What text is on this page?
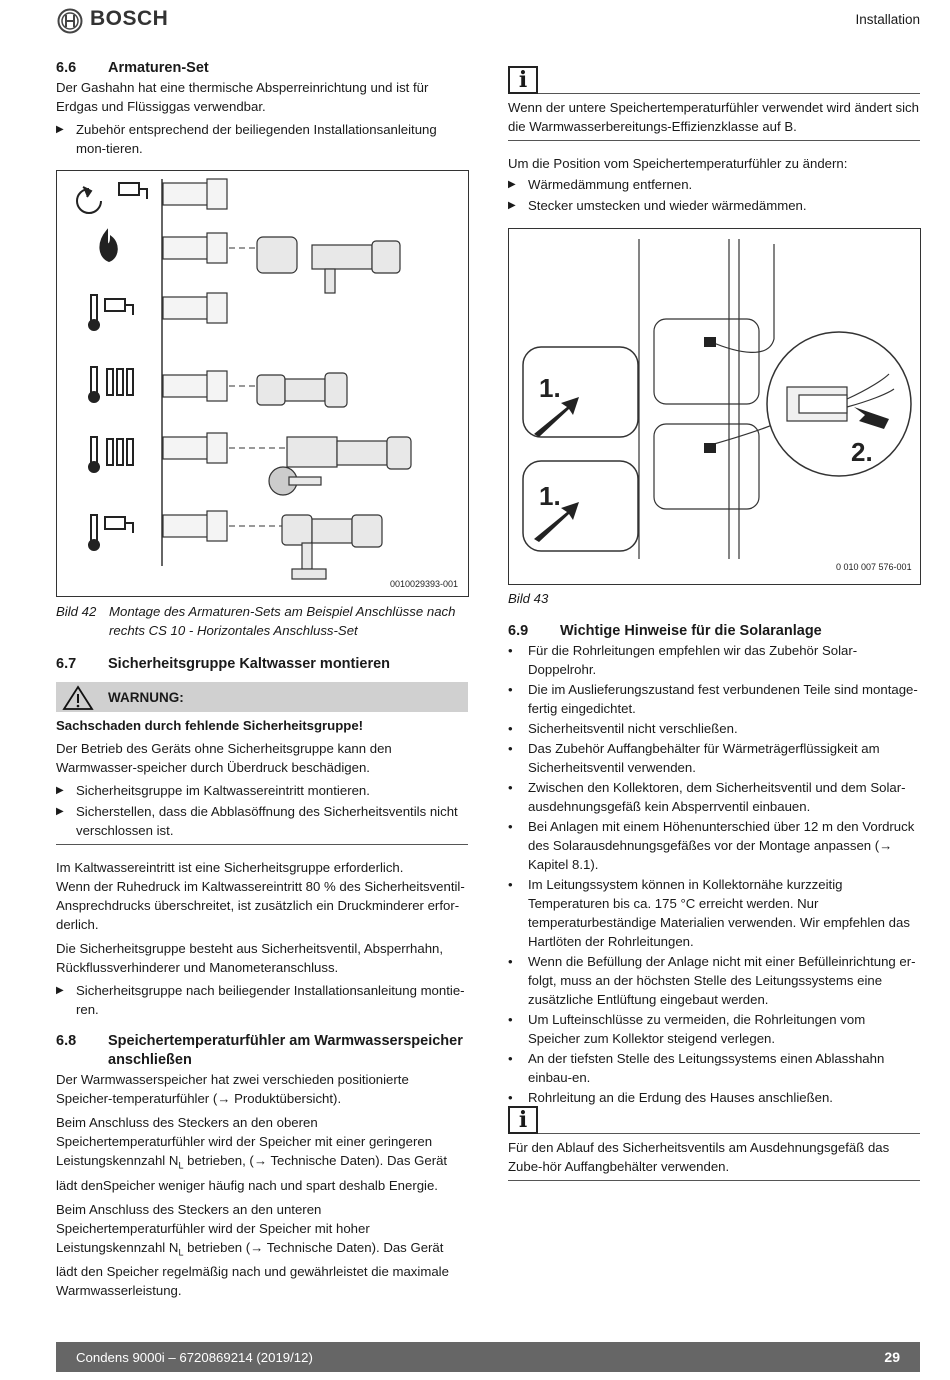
BOSCH	Installation
6.6	Armaturen-Set

Der Gashahn hat eine thermische Absperreinrichtung und ist für Erdgas und Flüssiggas verwendbar.

▶ Zubehör entsprechend der beiliegenden Installationsanleitung mon-tieren.
0010029393-001
Bild 42 Montage des Armaturen-Sets am Beispiel Anschlüsse nach rechts CS 10 - Horizontales Anschluss-Set
6.7	Sicherheitsgruppe Kaltwasser montieren
WARNUNG:

Sachschaden durch fehlende Sicherheitsgruppe!

Der Betrieb des Geräts ohne Sicherheitsgruppe kann den Warmwasser-speicher durch Überdruck beschädigen.

▶ Sicherheitsgruppe im Kaltwassereintritt montieren.
▶ Sicherstellen, dass die Abblasöffnung des Sicherheitsventils nicht verschlossen ist.

Im Kaltwassereintritt ist eine Sicherheitsgruppe erforderlich.

Wenn der Ruhedruck im Kaltwassereintritt 80 % des Sicherheitsventil-Ansprechdrucks überschreitet, ist zusätzlich ein Druckminderer erfor-derlich.

Die Sicherheitsgruppe besteht aus Sicherheitsventil, Absperrhahn, Rückflussverhinderer und Manometeranschluss.

▶ Sicherheitsgruppe nach beiliegender Installationsanleitung montie-ren.
6.8	Speichertemperaturfühler am Warmwasserspeicher anschließen

Der Warmwasserspeicher hat zwei verschieden positionierte Speicher-temperaturfühler (→ Produktübersicht).

Beim Anschluss des Steckers an den oberen Speichertemperaturfühler wird der Speicher mit einer geringeren Leistungskennzahl $N_L$ betrieben, (→ Technische Daten). Das Gerät lädt denSpeicher weniger häufig nach und spart deshalb Energie.

Beim Anschluss des Steckers an den unteren Speichertemperaturfühler wird der Speicher mit hoher Leistungskennzahl $N_L$ betrieben (→ Technische Daten). Das Gerät lädt den Speicher regelmäßig nach und gewährleistet die maximale Warmwasserleistung.

i

Wenn der untere Speichertemperaturfühler verwendet wird ändert sich die Warmwasserbereitungs-Effizienzklasse auf B.

Um die Position vom Speichertemperaturfühler zu ändern:

▶ Wärmedämmung entfernen.
▶ Stecker umstecken und wieder wärmedämmen.
1.
1.
2.
0 010 007 576-001
Bild 43
6.9	Wichtige Hinweise für die Solaranlage
•	Für die Rohrleitungen empfehlen wir das Zubehör Solar-Doppelrohr.
•	Die im Auslieferungszustand fest verbundenen Teile sind montage-fertig eingedichtet.
•	Sicherheitsventil nicht verschließen.
•	Das Zubehör Auffangbehälter für Wärmeträgerflüssigkeit am Sicherheitsventil verwenden.
•	Zwischen den Kollektoren, dem Sicherheitsventil und dem Solar-ausdehnungsgefäß kein Absperrventil einbauen.
•	Bei Anlagen mit einem Höhenunterschied über 12 m den Vordruck des Solarausdehnungsgefäßes vor der Montage anpassen (→ Kapitel 8.1).
•	Im Leitungssystem können in Kollektornähe kurzzeitig Temperaturen bis ca. 175 °C erreicht werden. Nur temperaturbeständige Materialien verwenden. Wir empfehlen das Hartlöten der Rohrleitungen.
•	Wenn die Befüllung der Anlage nicht mit einer Befülleinrichtung er-folgt, muss an der höchsten Stelle des Leitungssystems eine zusätzliche Entlüftung eingebaut werden.
•	Um Lufteinschlüsse zu vermeiden, die Rohrleitungen vom Speicher zum Kollektor steigend verlegen.
•	An der tiefsten Stelle des Leitungssystems einen Ablasshahn einbau-en.
•	Rohrleitung an die Erdung des Hauses anschließen.
i

Für den Ablauf des Sicherheitsventils am Ausdehnungsgefäß das Zube-hör Auffangbehälter verwenden.

Condens 9000i – 6720869214 (2019/12)	29
